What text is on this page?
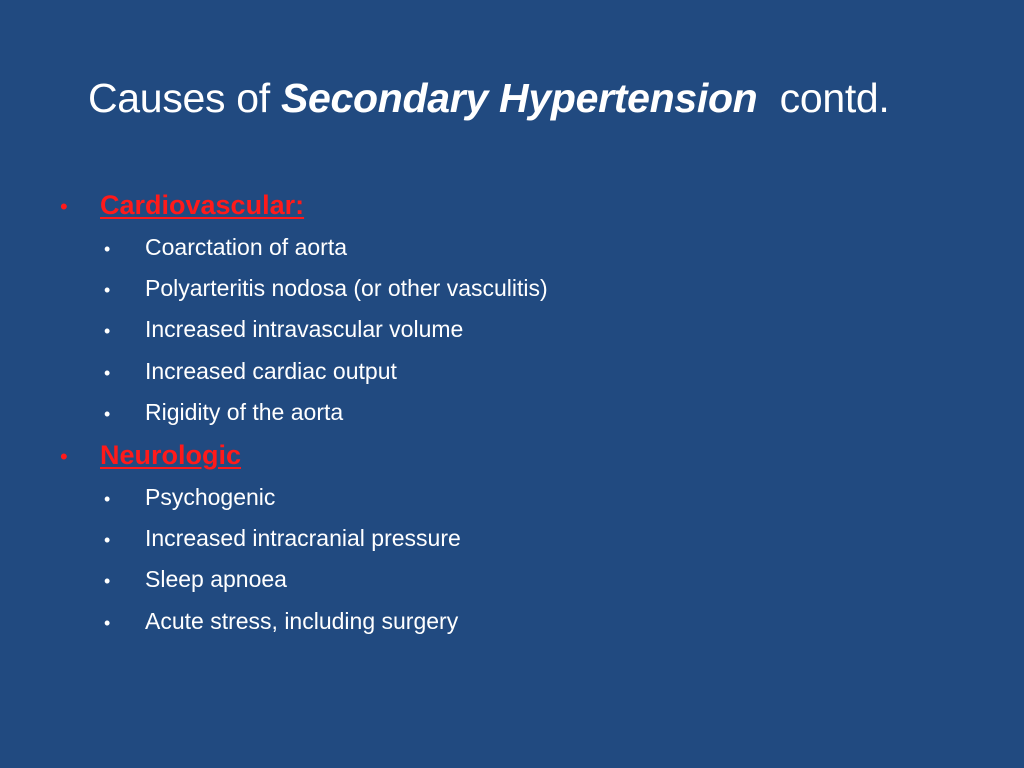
Causes of Secondary Hypertension  contd.
•	Cardiovascular:
•	Coarctation of aorta
•	Polyarteritis nodosa (or other vasculitis)
•	Increased intravascular volume
•	Increased cardiac output
•	Rigidity of the aorta
•	Neurologic
•	Psychogenic
•	Increased intracranial pressure
•	Sleep apnoea
•	Acute stress, including surgery
